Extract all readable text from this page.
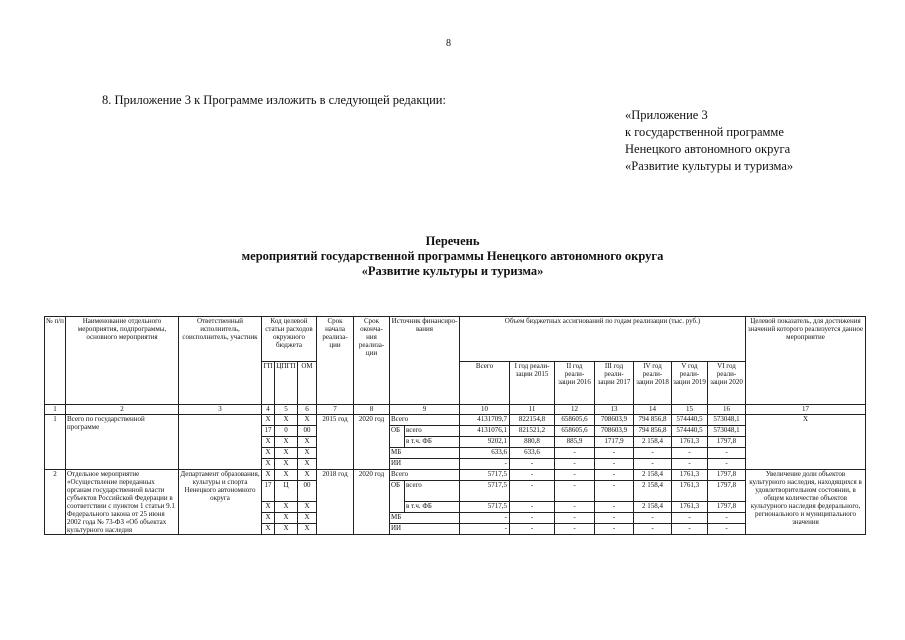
8
8. Приложение 3 к Программе изложить в следующей редакции:
«Приложение 3
к государственной программе
Ненецкого автономного округа
«Развитие культуры и туризма»
Перечень
мероприятий государственной программы Ненецкого автономного округа
«Развитие культуры и туризма»
№ п/п	Наименование отдельного мероприятия, подпрограммы, основного мероприятия	Ответственный исполнитель, соисполнитель, участник	Код целевой статьи расходов окружного бюджета			Срок начала реализа- ции	Срок оконча- ния реализа- ции	Источник финансиро- вания		Объем бюджетных ассигнований по годам реализации (тыс. руб.)							Целевой показатель, для достижения значений которого реализуется данное мероприятие
			ГП	ЦПГП	ОМ					Всего	I год реали- зации 2015	II год реали- зации 2016	III год реали- зации 2017	IV год реали- зации 2018	V год реали- зации 2019	VI год реали- зации 2020	
1	2	3	4	5	6	7	8	9		10	11	12	13	14	15	16	17
1	Всего по государственной программе		X	X	X	2015 год	2020 год	Всего		4131709,7	822154,8	658605,6	708603,9	794 856,8	574440,5	573048,1	X
			17	0	00			ОБ	всего	4131076,1	821521,2	658605,6	708603,9	794 856,8	574440,5	573048,1	
			X	X	X				в т.ч. ФБ	9202,1	880,8	885,9	1717,9	2 158,4	1761,3	1797,8	
			X	X	X			МБ		633,6	633,6	-	-	-	-	-	
			X	X	X			ИИ		-	-	-	-	-	-	-	
2	Отдельное мероприятие «Осуществление переданных органам государственной власти субъектов Российской Федерации в соответствии с пунктом 1 статьи 9.1 Федерального закона от 25 июня 2002 года № 73-ФЗ «Об объектах культурного наследия	Департамент образования, культуры и спорта Ненецкого автономного округа	X	X	X	2018 год	2020 год	Всего		5717,5	-	-	-	2 158,4	1761,3	1797,8	Увеличение доли объектов культурного наследия, находящихся в удовлетворительном состоянии, в общем количестве объектов культурного наследия федерального, регионального и муниципального значения
			17	Ц	00			ОБ	всего	5717,5	-	-	-	2 158,4	1761,3	1797,8	
			X	X	X				в т.ч. ФБ	5717,5	-	-	-	2 158,4	1761,3	1797,8	
			X	X	X			МБ		-	-	-	-	-	-	-	
			X	X	X			ИИ		-	-	-	-	-	-	-	
